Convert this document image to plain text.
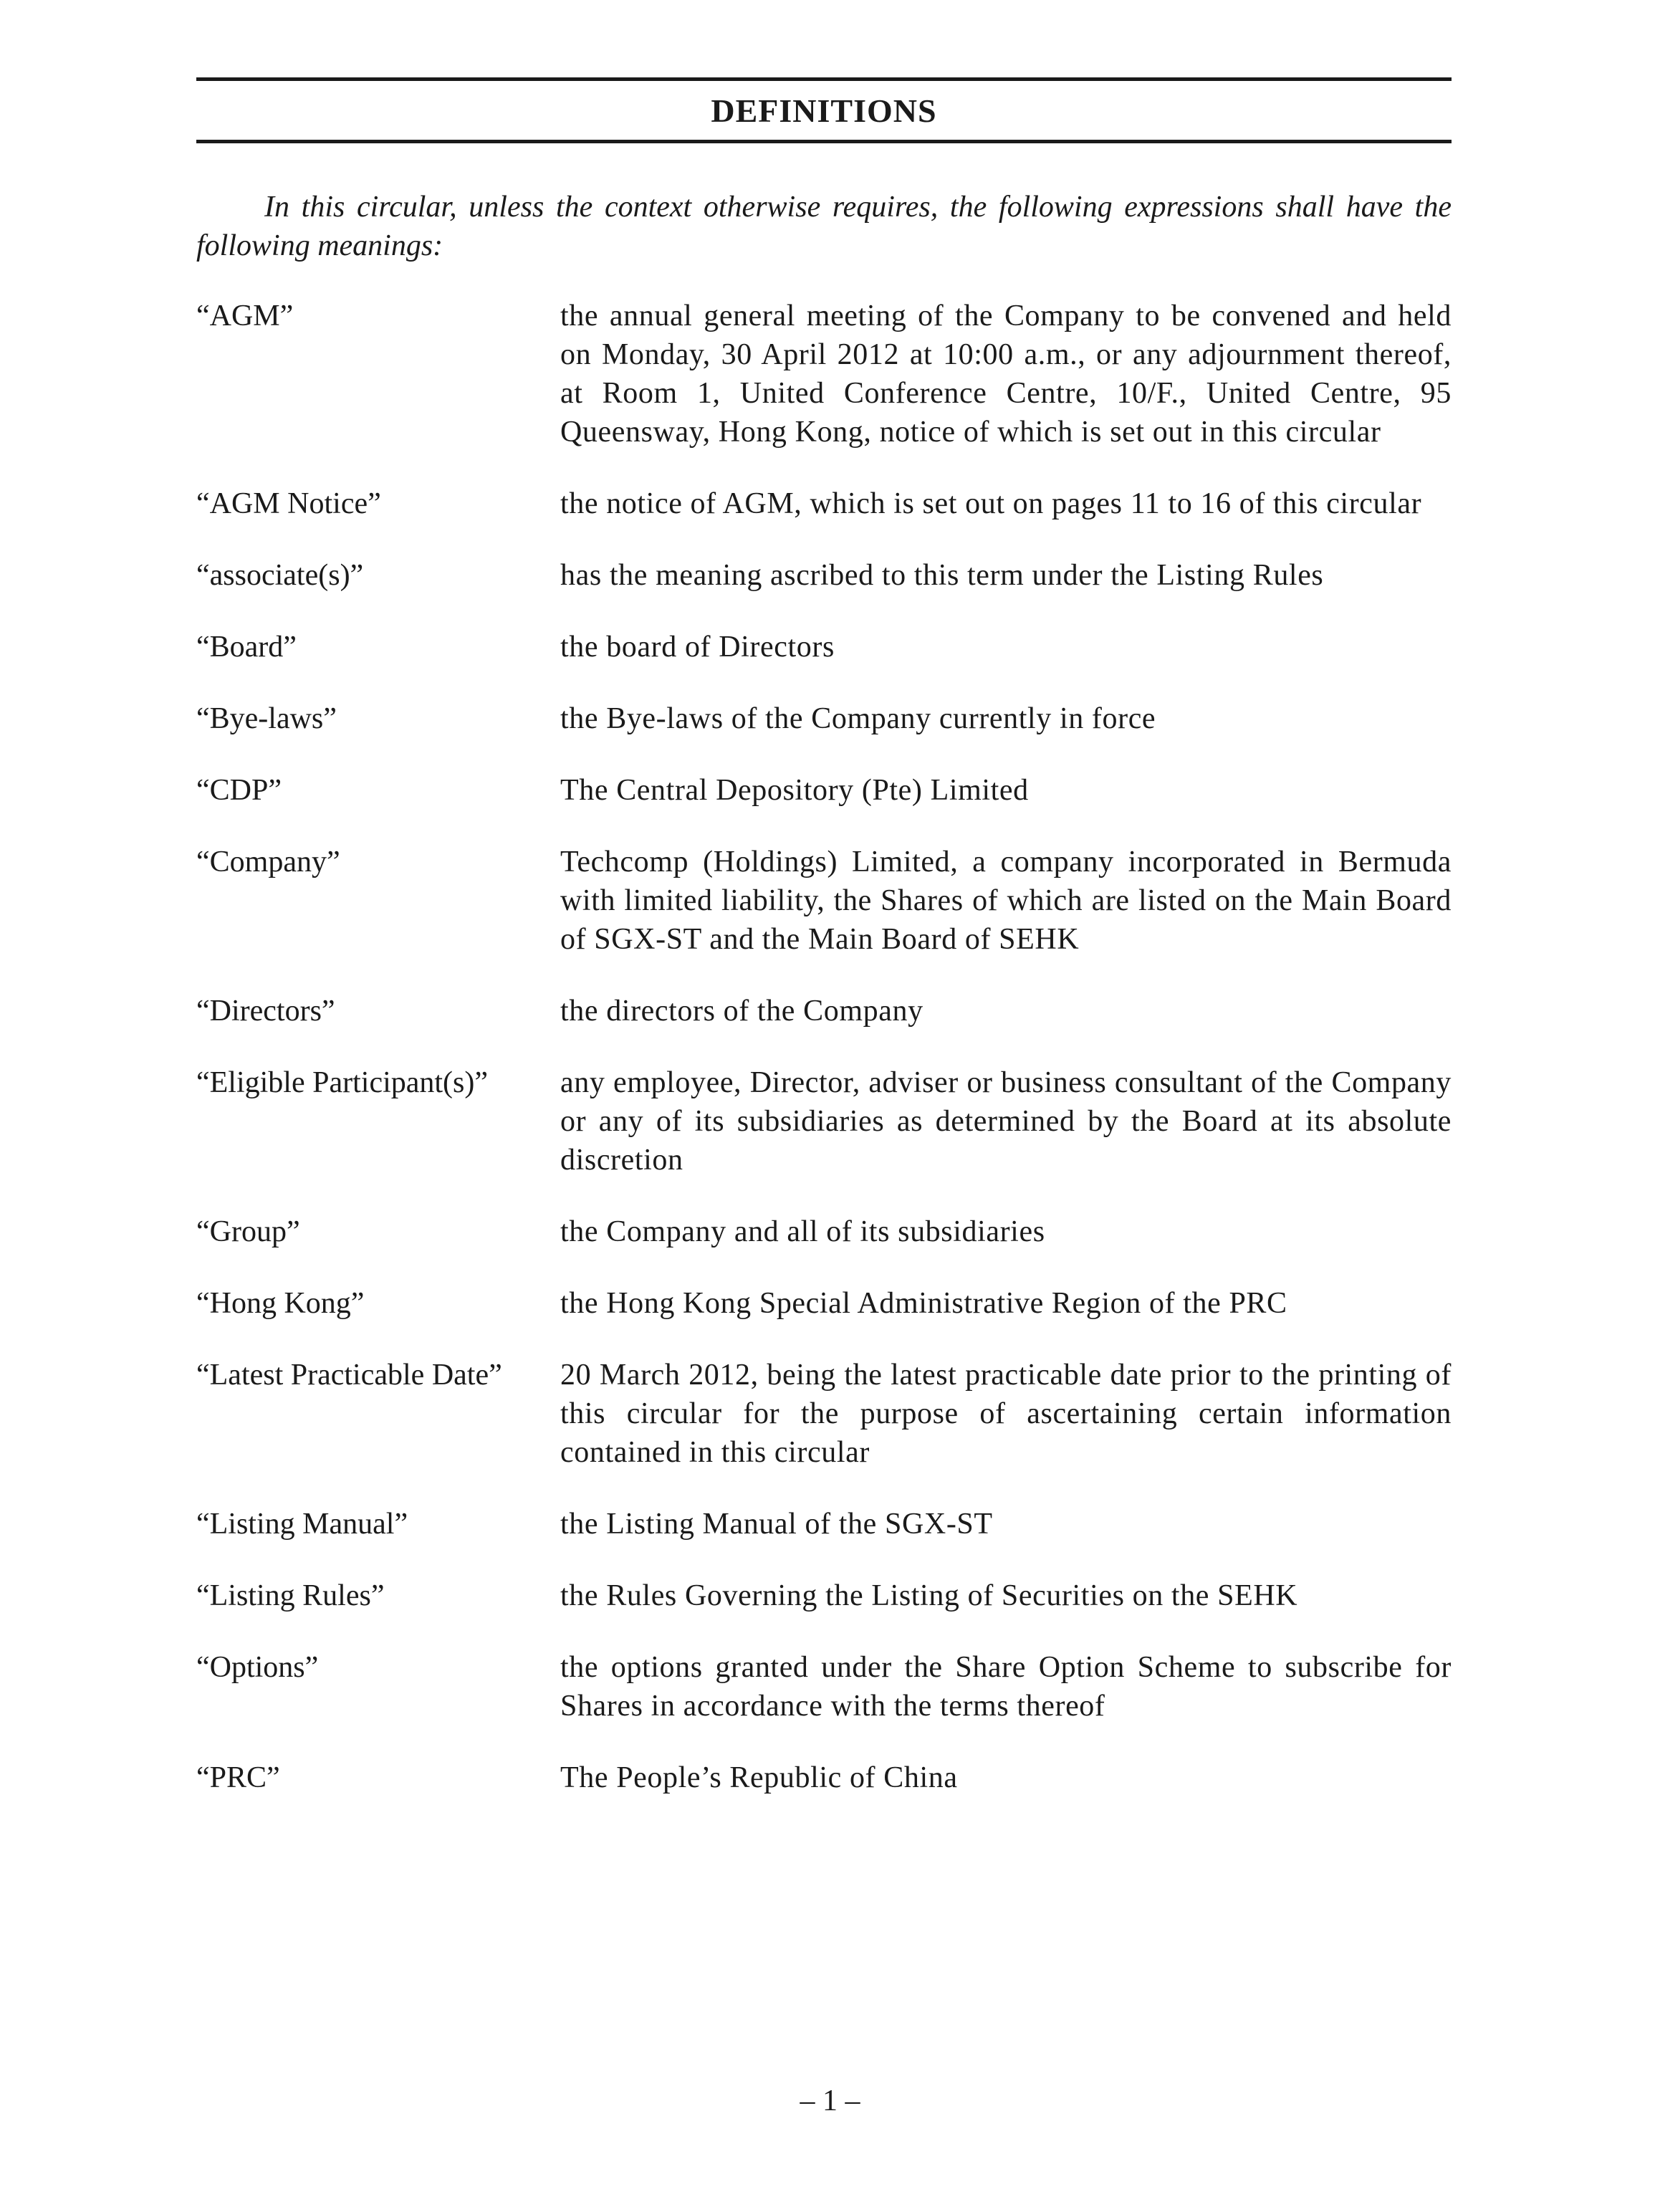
DEFINITIONS
In this circular, unless the context otherwise requires, the following expressions shall have the following meanings:
“AGM”	the annual general meeting of the Company to be convened and held on Monday, 30 April 2012 at 10:00 a.m., or any adjournment thereof, at Room 1, United Conference Centre, 10/F., United Centre, 95 Queensway, Hong Kong, notice of which is set out in this circular
“AGM Notice”	the notice of AGM, which is set out on pages 11 to 16 of this circular
“associate(s)”	has the meaning ascribed to this term under the Listing Rules
“Board”	the board of Directors
“Bye-laws”	the Bye-laws of the Company currently in force
“CDP”	The Central Depository (Pte) Limited
“Company”	Techcomp (Holdings) Limited, a company incorporated in Bermuda with limited liability, the Shares of which are listed on the Main Board of SGX-ST and the Main Board of SEHK
“Directors”	the directors of the Company
“Eligible Participant(s)”	any employee, Director, adviser or business consultant of the Company or any of its subsidiaries as determined by the Board at its absolute discretion
“Group”	the Company and all of its subsidiaries
“Hong Kong”	the Hong Kong Special Administrative Region of the PRC
“Latest Practicable Date”	20 March 2012, being the latest practicable date prior to the printing of this circular for the purpose of ascertaining certain information contained in this circular
“Listing Manual”	the Listing Manual of the SGX-ST
“Listing Rules”	the Rules Governing the Listing of Securities on the SEHK
“Options”	the options granted under the Share Option Scheme to subscribe for Shares in accordance with the terms thereof
“PRC”	The People’s Republic of China
– 1 –
